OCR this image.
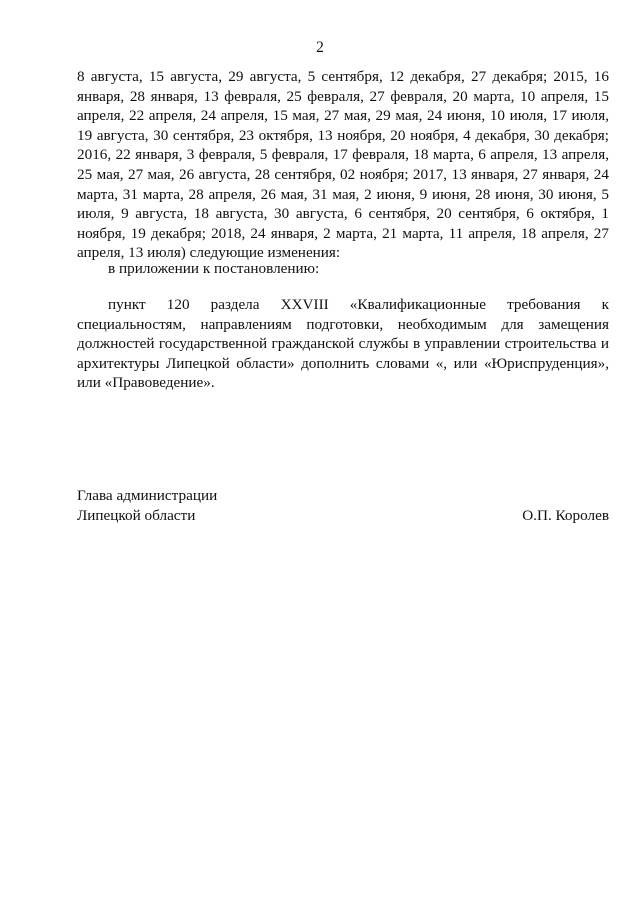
2

8 августа, 15 августа, 29 августа, 5 сентября, 12 декабря, 27 декабря; 2015, 16 января, 28 января, 13 февраля, 25 февраля, 27 февраля, 20 марта, 10 апреля, 15 апреля, 22 апреля, 24 апреля, 15 мая, 27 мая, 29 мая, 24 июня, 10 июля, 17 июля, 19 августа, 30 сентября, 23 октября, 13 ноября, 20 ноября, 4 декабря, 30 декабря; 2016, 22 января, 3 февраля, 5 февраля, 17 февраля, 18 марта, 6 апреля, 13 апреля, 25 мая, 27 мая, 26 августа, 28 сентября, 02 ноября; 2017, 13 января, 27 января, 24 марта, 31 марта, 28 апреля, 26 мая, 31 мая, 2 июня, 9 июня, 28 июня, 30 июня, 5 июля, 9 августа, 18 августа, 30 августа, 6 сентября, 20 сентября, 6 октября, 1 ноября, 19 декабря; 2018, 24 января, 2 марта, 21 марта, 11 апреля, 18 апреля, 27 апреля, 13 июля) следующие изменения:

в приложении к постановлению:

пункт 120 раздела XXVIII «Квалификационные требования к специальностям, направлениям подготовки, необходимым для замещения должностей государственной гражданской службы в управлении строительства и архитектуры Липецкой области» дополнить словами «, или «Юриспруденция», или «Правоведение».

Глава администрации
Липецкой области	О.П. Королев
